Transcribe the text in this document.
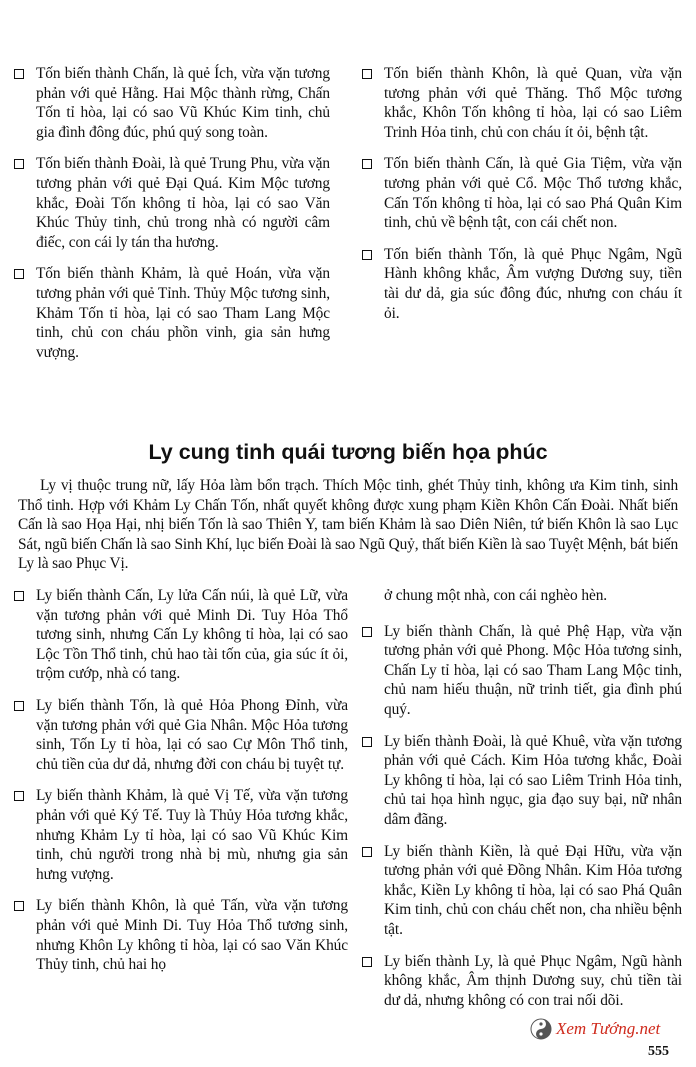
Tốn biến thành Chấn, là quẻ Ích, vừa vặn tương phản với quẻ Hằng. Hai Mộc thành rừng, Chấn Tốn tỉ hòa, lại có sao Vũ Khúc Kim tinh, chủ gia đình đông đúc, phú quý song toàn.
Tốn biến thành Đoài, là quẻ Trung Phu, vừa vặn tương phản với quẻ Đại Quá. Kim Mộc tương khắc, Đoài Tốn không tỉ hòa, lại có sao Văn Khúc Thủy tinh, chủ trong nhà có người câm điếc, con cái ly tán tha hương.
Tốn biến thành Khảm, là quẻ Hoán, vừa vặn tương phản với quẻ Tỉnh. Thủy Mộc tương sinh, Khảm Tốn tỉ hòa, lại có sao Tham Lang Mộc tinh, chủ con cháu phồn vinh, gia sản hưng vượng.
Tốn biến thành Khôn, là quẻ Quan, vừa vặn tương phản với quẻ Thăng. Thổ Mộc tương khắc, Khôn Tốn không tỉ hòa, lại có sao Liêm Trinh Hỏa tinh, chủ con cháu ít ỏi, bệnh tật.
Tốn biến thành Cấn, là quẻ Gia Tiệm, vừa vặn tương phản với quẻ Cổ. Mộc Thổ tương khắc, Cấn Tốn không tỉ hòa, lại có sao Phá Quân Kim tinh, chủ về bệnh tật, con cái chết non.
Tốn biến thành Tốn, là quẻ Phục Ngâm, Ngũ Hành không khắc, Âm vượng Dương suy, tiền tài dư dả, gia súc đông đúc, nhưng con cháu ít ỏi.
Ly cung tinh quái tương biến họa phúc
Ly vị thuộc trung nữ, lấy Hỏa làm bổn trạch. Thích Mộc tinh, ghét Thủy tinh, không ưa Kim tinh, sinh Thổ tinh. Hợp với Khảm Ly Chấn Tốn, nhất quyết không được xung phạm Kiền Khôn Cấn Đoài. Nhất biến Cấn là sao Họa Hại, nhị biến Tốn là sao Thiên Y, tam biến Khảm là sao Diên Niên, tứ biến Khôn là sao Lục Sát, ngũ biến Chấn là sao Sinh Khí, lục biến Đoài là sao Ngũ Quỷ, thất biến Kiền là sao Tuyệt Mệnh, bát biến Ly là sao Phục Vị.
Ly biến thành Cấn, Ly lửa Cấn núi, là quẻ Lữ, vừa vặn tương phản với quẻ Minh Di. Tuy Hỏa Thổ tương sinh, nhưng Cấn Ly không tỉ hòa, lại có sao Lộc Tồn Thổ tinh, chủ hao tài tốn của, gia súc ít ỏi, trộm cướp, nhà có tang.
Ly biến thành Tốn, là quẻ Hỏa Phong Đỉnh, vừa vặn tương phản với quẻ Gia Nhân. Mộc Hỏa tương sinh, Tốn Ly tỉ hòa, lại có sao Cự Môn Thổ tinh, chủ tiền của dư dả, nhưng đời con cháu bị tuyệt tự.
Ly biến thành Khảm, là quẻ Vị Tế, vừa vặn tương phản với quẻ Ký Tế. Tuy là Thủy Hỏa tương khắc, nhưng Khảm Ly tỉ hòa, lại có sao Vũ Khúc Kim tinh, chủ người trong nhà bị mù, nhưng gia sản hưng vượng.
Ly biến thành Khôn, là quẻ Tấn, vừa vặn tương phản với quẻ Minh Di. Tuy Hỏa Thổ tương sinh, nhưng Khôn Ly không tỉ hòa, lại có sao Văn Khúc Thủy tinh, chủ hai họ
ở chung một nhà, con cái nghèo hèn.
Ly biến thành Chấn, là quẻ Phệ Hạp, vừa vặn tương phản với quẻ Phong. Mộc Hỏa tương sinh, Chấn Ly tỉ hòa, lại có sao Tham Lang Mộc tinh, chủ nam hiếu thuận, nữ trinh tiết, gia đình phú quý.
Ly biến thành Đoài, là quẻ Khuê, vừa vặn tương phản với quẻ Cách. Kim Hỏa tương khắc, Đoài Ly không tỉ hòa, lại có sao Liêm Trinh Hỏa tinh, chủ tai họa hình ngục, gia đạo suy bại, nữ nhân dâm đãng.
Ly biến thành Kiền, là quẻ Đại Hữu, vừa vặn tương phản với quẻ Đồng Nhân. Kim Hỏa tương khắc, Kiền Ly không tỉ hòa, lại có sao Phá Quân Kim tinh, chủ con cháu chết non, cha nhiều bệnh tật.
Ly biến thành Ly, là quẻ Phục Ngâm, Ngũ hành không khắc, Âm thịnh Dương suy, chủ tiền tài dư dả, nhưng không có con trai nối dõi.
Xem Tướng.net
555
